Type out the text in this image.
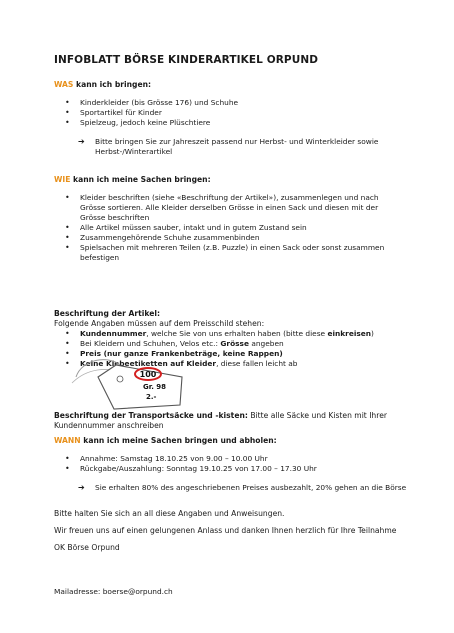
INFOBLATT BÖRSE KINDERARTIKEL ORPUND
WAS kann ich bringen:
• Kinderkleider (bis Grösse 176) und Schuhe
• Sportartikel für Kinder
• Spielzeug, jedoch keine Plüschtiere
➔ Bitte bringen Sie zur Jahreszeit passend nur Herbst- und Winterkleider sowie Herbst-/Winterartikel
WIE kann ich meine Sachen bringen:
• Kleider beschriften (siehe «Beschriftung der Artikel»), zusammenlegen und nach Grösse sortieren. Alle Kleider derselben Grösse in einen Sack und diesen mit der Grösse beschriften
• Alle Artikel müssen sauber, intakt und in gutem Zustand sein
• Zusammengehörende Schuhe zusammenbinden
• Spielsachen mit mehreren Teilen (z.B. Puzzle) in einen Sack oder sonst zusammen befestigen
Beschriftung der Artikel:
Folgende Angaben müssen auf dem Preisschild stehen:
• Kundennummer, welche Sie von uns erhalten haben (bitte diese einkreisen)
• Bei Kleidern und Schuhen, Velos etc.: Grösse angeben
• Preis (nur ganze Frankenbeträge, keine Rappen)
• Keine Klebeetiketten auf Kleider, diese fallen leicht ab
100
Gr. 98
2.-
Beschriftung der Transportsäcke und -kisten: Bitte alle Säcke und Kisten mit Ihrer Kundennummer anschreiben
WANN kann ich meine Sachen bringen und abholen:
• Annahme: Samstag 18.10.25 von 9.00 – 10.00 Uhr
• Rückgabe/Auszahlung: Sonntag 19.10.25 von 17.00 – 17.30 Uhr
➔ Sie erhalten 80% des angeschriebenen Preises ausbezahlt, 20% gehen an die Börse
Bitte halten Sie sich an all diese Angaben und Anweisungen.
Wir freuen uns auf einen gelungenen Anlass und danken Ihnen herzlich für Ihre Teilnahme
OK Börse Orpund
Mailadresse: boerse@orpund.ch
